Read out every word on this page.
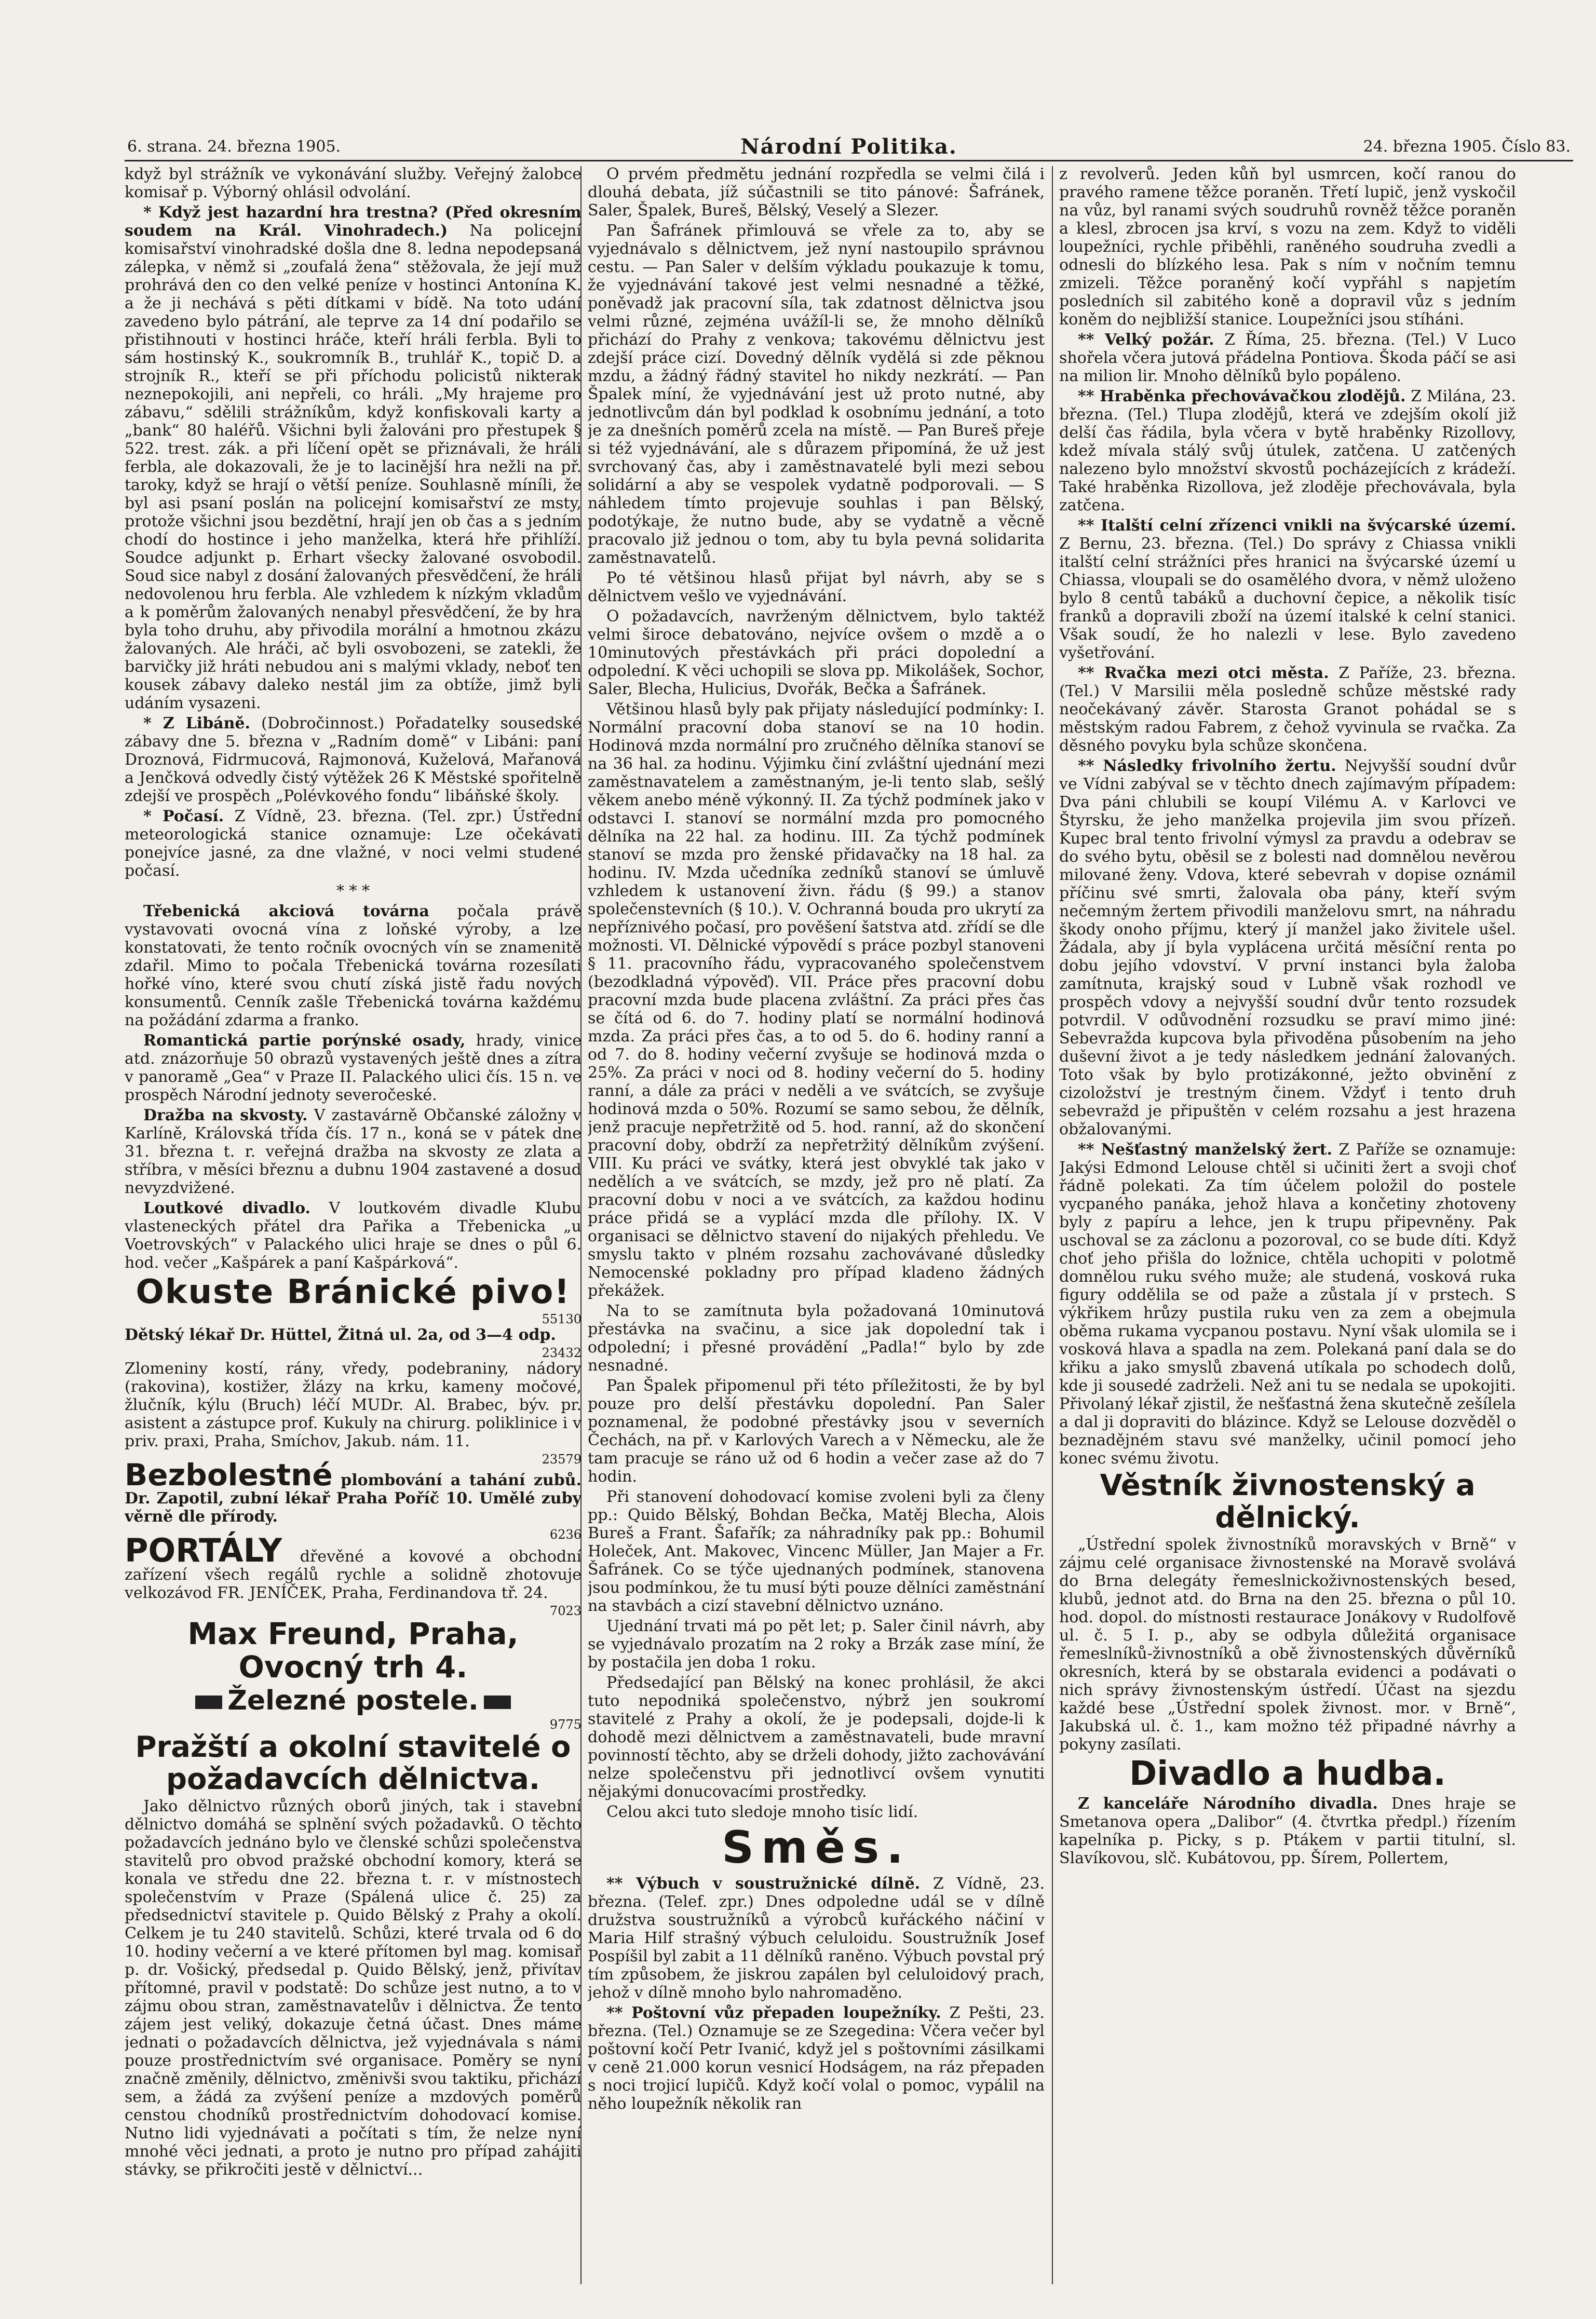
6. strana. 24. března 1905.	Národní Politika.	24. března 1905. Číslo 83.

když byl strážník ve vykonávání služby. Veřejný žalobce komisař p. Výborný ohlásil odvolání.

* Když jest hazardní hra trestna? (Před okresním soudem na Král. Vinohradech.) Na policejní komisařství vinohradské došla dne 8. ledna nepodepsaná zálepka, v němž si „zoufalá žena“ stěžovala, že její muž prohrává den co den velké peníze v hostinci Antonína K. a že ji nechává s pěti dítkami v bídě. Na toto udání zavedeno bylo pátrání, ale teprve za 14 dní podařilo se přistihnouti v hostinci hráče, kteří hráli ferbla. Byli to sám hostinský K., soukromník B., truhlář K., topič D. a strojník R., kteří se při příchodu policistů nikterak neznepokojili, ani nepřeli, co hráli. „My hrajeme pro zábavu,“ sdělili strážníkům, když konfiskovali karty a „bank“ 80 haléřů. Všichni byli žalováni pro přestupek § 522. trest. zák. a při líčení opět se přiznávali, že hráli ferbla, ale dokazovali, že je to lacinější hra nežli na př. taroky, když se hrají o větší peníze. Souhlasně míníli, že byl asi psaní poslán na policejní komisařství ze msty, protože všichni jsou bezdětní, hrají jen ob čas a s jedním chodí do hostince i jeho manželka, která hře přihlíží. Soudce adjunkt p. Erhart všecky žalované osvobodil. Soud sice nabyl z dosání žalovaných přesvědčení, že hráli nedovolenou hru ferbla. Ale vzhledem k nízkým vkladům a k poměrům žalovaných nenabyl přesvědčení, že by hra byla toho druhu, aby přivodila morální a hmotnou zkázu žalovaných. Ale hráči, ač byli osvobozeni, se zatekli, že barvičky již hráti nebudou ani s malými vklady, neboť ten kousek zábavy daleko nestál jim za obtíže, jimž byli udáním vysazeni.

* Z Libáně. (Dobročinnost.) Pořadatelky sousedské zábavy dne 5. března v „Radním domě“ v Libáni: paní Droznová, Fidrmucová, Rajmonová, Kuželová, Mařanová a Jenčková odvedly čistý výtěžek 26 K Městské spořitelně zdejší ve prospěch „Polévkového fondu“ libáňské školy.

* Počasí. Z Vídně, 23. března. (Tel. zpr.) Ústřední meteorologická stanice oznamuje: Lze očekávati ponejvíce jasné, za dne vlažné, v noci velmi studené počasí.

* * *

Třebenická akciová továrna počala právě vystavovati ovocná vína z loňské výroby, a lze konstatovati, že tento ročník ovocných vín se znamenitě zdařil. Mimo to počala Třebenická továrna rozesílati hořké víno, které svou chutí získá jistě řadu nových konsumentů. Cenník zašle Třebenická továrna každému na požádání zdarma a franko.

Romantická partie porýnské osady, hrady, vinice atd. znázorňuje 50 obrazů vystavených ještě dnes a zítra v panoramě „Gea“ v Praze II. Palackého ulici čís. 15 n. ve prospěch Národní jednoty severočeské.

Dražba na skvosty. V zastavárně Občanské záložny v Karlíně, Královská třída čís. 17 n., koná se v pátek dne 31. března t. r. veřejná dražba na skvosty ze zlata a stříbra, v měsíci březnu a dubnu 1904 zastavené a dosud nevyzdvižené.

Loutkové divadlo. V loutkovém divadle Klubu vlasteneckých přátel dra Pařika a Třebenicka „u Voetrovských“ v Palackého ulici hraje se dnes o půl 6. hod. večer „Kašpárek a paní Kašpárková“.

Okuste Bránické pivo!

55130

Dětský lékař Dr. Hüttel, Žitná ul. 2a, od 3—4 odp.

23432

Zlomeniny kostí, rány, vředy, podebraniny, nádory (rakovina), kostižer, žlázy na krku, kameny močové, žlučník, kýlu (Bruch) léčí MUDr. Al. Brabec, býv. pr. asistent a zástupce prof. Kukuly na chirurg. poliklinice i v priv. praxi, Praha, Smíchov, Jakub. nám. 11.

23579

Bezbolestné plombování a tahání zubů. Dr. Zapotil, zubní lékař Praha Poříč 10. Umělé zuby věrně dle přírody.

6236

PORTÁLY dřevěné a kovové a obchodní zařízení všech regálů rychle a solidně zhotovuje velkozávod FR. JENÍČEK, Praha, Ferdinandova tř. 24.

7023

Max Freund, Praha, Ovocný trh 4.

Železné postele.

9775

Pražští a okolní stavitelé o požadavcích dělnictva.

Jako dělnictvo různých oborů jiných, tak i stavební dělnictvo domáhá se splnění svých požadavků. O těchto požadavcích jednáno bylo ve členské schůzi společenstva stavitelů pro obvod pražské obchodní komory, která se konala ve středu dne 22. března t. r. v místnostech společenstvím v Praze (Spálená ulice č. 25) za předsednictví stavitele p. Quido Bělský z Prahy a okolí. Celkem je tu 240 stavitelů. Schůzi, které trvala od 6 do 10. hodiny večerní a ve které přítomen byl mag. komisař p. dr. Vošický, předsedal p. Quido Bělský, jenž, přivítav přítomné, pravil v podstatě: Do schůze jest nutno, a to v zájmu obou stran, zaměstnavatelův i dělnictva. Že tento zájem jest veliký, dokazuje četná účast. Dnes máme jednati o požadavcích dělnictva, jež vyjednávala s námi pouze prostřednictvím své organisace. Poměry se nyní značně změnily, dělnictvo, změnivši svou taktiku, přichází sem, a žádá za zvýšení peníze a mzdových poměrů censtou chodníků prostřednictvím dohodovací komise. Nutno lidi vyjednávati a počítati s tím, že nelze nyní mnohé věci jednati, a proto je nutno pro případ zahájiti stávky, se přikročiti jestě v dělnictví...

O prvém předmětu jednání rozpředla se velmi čilá i dlouhá debata, jíž súčastnili se tito pánové: Šafránek, Saler, Špalek, Bureš, Bělský, Veselý a Slezer.

Pan Šafránek přimlouvá se vřele za to, aby se vyjednávalo s dělnictvem, jež nyní nastoupilo správnou cestu. — Pan Saler v delším výkladu poukazuje k tomu, že vyjednávání takové jest velmi nesnadné a těžké, poněvadž jak pracovní síla, tak zdatnost dělnictva jsou velmi různé, zejména uvážíl-li se, že mnoho dělníků přichází do Prahy z venkova; takovému dělnictvu jest zdejší práce cizí. Dovedný dělník vydělá si zde pěknou mzdu, a žádný řádný stavitel ho nikdy nezkrátí. — Pan Špalek míní, že vyjednávání jest už proto nutné, aby jednotlivcům dán byl podklad k osobnímu jednání, a toto je za dnešních poměrů zcela na místě. — Pan Bureš přeje si též vyjednávání, ale s důrazem připomíná, že už jest svrchovaný čas, aby i zaměstnavatelé byli mezi sebou solidární a aby se vespolek vydatně podporovali. — S náhledem tímto projevuje souhlas i pan Bělský, podotýkaje, že nutno bude, aby se vydatně a věcně pracovalo již jednou o tom, aby tu byla pevná solidarita zaměstnavatelů.

Po té většinou hlasů přijat byl návrh, aby se s dělnictvem vešlo ve vyjednávání.

O požadavcích, navrženým dělnictvem, bylo taktéž velmi široce debatováno, nejvíce ovšem o mzdě a o 10minutových přestávkách při práci dopolední a odpolední. K věci uchopili se slova pp. Mikolášek, Sochor, Saler, Blecha, Hulicius, Dvořák, Bečka a Šafránek.

Většinou hlasů byly pak přijaty následující podmínky: I. Normální pracovní doba stanoví se na 10 hodin. Hodinová mzda normální pro zručného dělníka stanoví se na 36 hal. za hodinu. Výjimku činí zvláštní ujednání mezi zaměstnavatelem a zaměstnaným, je-li tento slab, sešlý věkem anebo méně výkonný. II. Za týchž podmínek jako v odstavci I. stanoví se normální mzda pro pomocného dělníka na 22 hal. za hodinu. III. Za týchž podmínek stanoví se mzda pro ženské přidavačky na 18 hal. za hodinu. IV. Mzda učedníka zedníků stanoví se úmluvě vzhledem k ustanovení živn. řádu (§ 99.) a stanov společenstevních (§ 10.). V. Ochranná bouda pro ukrytí za nepříznivého počasí, pro pověšení šatstva atd. zřídí se dle možnosti. VI. Dělnické výpovědí s práce pozbyl stanoveni § 11. pracovního řádu, vypracovaného společenstvem (bezodkladná výpověď). VII. Práce přes pracovní dobu pracovní mzda bude placena zvláštní. Za práci přes čas se čítá od 6. do 7. hodiny platí se normální hodinová mzda. Za práci přes čas, a to od 5. do 6. hodiny ranní a od 7. do 8. hodiny večerní zvyšuje se hodinová mzda o 25%. Za práci v noci od 8. hodiny večerní do 5. hodiny ranní, a dále za práci v neděli a ve svátcích, se zvyšuje hodinová mzda o 50%. Rozumí se samo sebou, že dělník, jenž pracuje nepřetržitě od 5. hod. ranní, až do skončení pracovní doby, obdrží za nepřetržitý dělníkům zvýšení. VIII. Ku práci ve svátky, která jest obvyklé tak jako v nedělích a ve svátcích, se mzdy, jež pro ně platí. Za pracovní dobu v noci a ve svátcích, za každou hodinu práce přidá se a vyplácí mzda dle přílohy. IX. V organisaci se dělnictvo stavení do nijakých přehledu. Ve smyslu takto v plném rozsahu zachovávané důsledky Nemocenské pokladny pro případ kladeno žádných překážek.

Na to se zamítnuta byla požadovaná 10minutová přestávka na svačinu, a sice jak dopolední tak i odpolední; i přesné provádění „Padla!“ bylo by zde nesnadné.

Pan Špalek připomenul při této příležitosti, že by byl pouze pro delší přestávku dopolední. Pan Saler poznamenal, že podobné přestávky jsou v severních Čechách, na př. v Karlových Varech a v Německu, ale že tam pracuje se ráno už od 6 hodin a večer zase až do 7 hodin.

Při stanovení dohodovací komise zvoleni byli za členy pp.: Quido Bělský, Bohdan Bečka, Matěj Blecha, Alois Bureš a Frant. Šafařík; za náhradníky pak pp.: Bohumil Holeček, Ant. Makovec, Vincenc Müller, Jan Majer a Fr. Šafránek. Co se týče ujednaných podmínek, stanovena jsou podmínkou, že tu musí býti pouze dělníci zaměstnání na stavbách a cizí stavební dělnictvo uznáno.

Ujednání trvati má po pět let; p. Saler činil návrh, aby se vyjednávalo prozatím na 2 roky a Brzák zase míní, že by postačila jen doba 1 roku.

Předsedající pan Bělský na konec prohlásil, že akci tuto nepodniká společenstvo, nýbrž jen soukromí stavitelé z Prahy a okolí, že je podepsali, dojde-li k dohodě mezi dělnictvem a zaměstnavateli, bude mravní povinností těchto, aby se drželi dohody, jižto zachovávání nelze společenstvu při jednotlivcí ovšem vynutiti nějakými donucovacími prostředky.

Celou akci tuto sledoje mnoho tisíc lidí.

Směs.

** Výbuch v soustružnické dílně. Z Vídně, 23. března. (Telef. zpr.) Dnes odpoledne udál se v dílně družstva soustružníků a výrobců kuřáckého náčiní v Maria Hilf strašný výbuch celuloidu. Soustružník Josef Pospíšil byl zabit a 11 dělníků raněno. Výbuch povstal prý tím způsobem, že jiskrou zapálen byl celuloidový prach, jehož v dílně mnoho bylo nahromaděno.

** Poštovní vůz přepaden loupežníky. Z Pešti, 23. března. (Tel.) Oznamuje se ze Szegedina: Včera večer byl poštovní kočí Petr Ivanić, když jel s poštovními zásilkami v ceně 21.000 korun vesnicí Hodságem, na ráz přepaden s noci trojicí lupičů. Když kočí volal o pomoc, vypálil na něho loupežník několik ran

z revolverů. Jeden kůň byl usmrcen, kočí ranou do pravého ramene těžce poraněn. Třetí lupič, jenž vyskočil na vůz, byl ranami svých soudruhů rovněž těžce poraněn a klesl, zbrocen jsa krví, s vozu na zem. Když to viděli loupežníci, rychle přiběhli, raněného soudruha zvedli a odnesli do blízkého lesa. Pak s ním v nočním temnu zmizeli. Těžce poraněný kočí vypřáhl s napjetím posledních sil zabitého koně a dopravil vůz s jedním koněm do nejbližší stanice. Loupežníci jsou stíháni.

** Velký požár. Z Říma, 25. března. (Tel.) V Luco shořela včera jutová přádelna Pontiova. Škoda páčí se asi na milion lir. Mnoho dělníků bylo popáleno.

** Hraběnka přechovávačkou zlodějů. Z Milána, 23. března. (Tel.) Tlupa zlodějů, která ve zdejším okolí již delší čas řádila, byla včera v bytě hraběnky Rizollovy, kdež mívala stálý svůj útulek, zatčena. U zatčených nalezeno bylo množství skvostů pocházejících z krádeží. Také hraběnka Rizollova, jež zloděje přechovávala, byla zatčena.

** Italští celní zřízenci vnikli na švýcarské území. Z Bernu, 23. března. (Tel.) Do správy z Chiassa vnikli italští celní strážníci přes hranici na švýcarské území u Chiassa, vloupali se do osamělého dvora, v němž uloženo bylo 8 centů tabáků a duchovní čepice, a několik tisíc franků a dopravili zboží na území italské k celní stanici. Však soudí, že ho nalezli v lese. Bylo zavedeno vyšetřování.

** Rvačka mezi otci města. Z Paříže, 23. března. (Tel.) V Marsilii měla posledně schůze městské rady neočekávaný závěr. Starosta Granot pohádal se s městským radou Fabrem, z čehož vyvinula se rvačka. Za děsného povyku byla schůze skončena.

** Následky frivolního žertu. Nejvyšší soudní dvůr ve Vídni zabýval se v těchto dnech zajímavým případem: Dva páni chlubili se koupí Vilému A. v Karlovci ve Štyrsku, že jeho manželka projevila jim svou přízeň. Kupec bral tento frivolní výmysl za pravdu a odebrav se do svého bytu, oběsil se z bolesti nad domnělou nevěrou milované ženy. Vdova, které sebevrah v dopise oznámil příčinu své smrti, žalovala oba pány, kteří svým nečemným žertem přivodili manželovu smrt, na náhradu škody onoho příjmu, který jí manžel jako živitele ušel. Žádala, aby jí byla vyplácena určitá měsíční renta po dobu jejího vdovství. V první instanci byla žaloba zamítnuta, krajský soud v Lubně však rozhodl ve prospěch vdovy a nejvyšší soudní dvůr tento rozsudek potvrdil. V odůvodnění rozsudku se praví mimo jiné: Sebevražda kupcova byla přivoděna působením na jeho duševní život a je tedy následkem jednání žalovaných. Toto však by bylo protizákonné, ježto obvinění z cizoložství je trestným činem. Vždyť i tento druh sebevražd je připuštěn v celém rozsahu a jest hrazena obžalovanými.

** Nešťastný manželský žert. Z Paříže se oznamuje: Jakýsi Edmond Lelouse chtěl si učiniti žert a svoji choť řádně polekati. Za tím účelem položil do postele vycpaného panáka, jehož hlava a končetiny zhotoveny byly z papíru a lehce, jen k trupu připevněny. Pak uschoval se za záclonu a pozoroval, co se bude díti. Když choť jeho přišla do ložnice, chtěla uchopiti v polotmě domnělou ruku svého muže; ale studená, vosková ruka figury oddělila se od paže a zůstala jí v prstech. S výkřikem hrůzy pustila ruku ven za zem a obejmula oběma rukama vycpanou postavu. Nyní však ulomila se i vosková hlava a spadla na zem. Polekaná paní dala se do křiku a jako smyslů zbavená utíkala po schodech dolů, kde ji sousedé zadrželi. Než ani tu se nedala se upokojiti. Přivolaný lékař zjistil, že nešťastná žena skutečně zešílela a dal ji dopraviti do blázince. Když se Lelouse dozvěděl o beznadějném stavu své manželky, učinil pomocí jeho konec svému životu.

Věstník živnostenský a dělnický.

„Ústřední spolek živnostníků moravských v Brně“ v zájmu celé organisace živnostenské na Moravě svolává do Brna delegáty řemeslnickoživnostenských besed, klubů, jednot atd. do Brna na den 25. března o půl 10. hod. dopol. do místnosti restaurace Jonákovy v Rudolfově ul. č. 5 I. p., aby se odbyla důležitá organisace řemeslníků-živnostníků a obě živnostenských důvěrníků okresních, která by se obstarala evidenci a podávati o nich správy živnostenským ústředí. Účast na sjezdu každé bese „Ústřední spolek živnost. mor. v Brně“, Jakubská ul. č. 1., kam možno též připadné návrhy a pokyny zasílati.

Divadlo a hudba.

Z kanceláře Národního divadla. Dnes hraje se Smetanova opera „Dalibor“ (4. čtvrtka předpl.) řízením kapelníka p. Picky, s p. Ptákem v partii titulní, sl. Slavíkovou, slč. Kubátovou, pp. Šírem, Pollertem,
